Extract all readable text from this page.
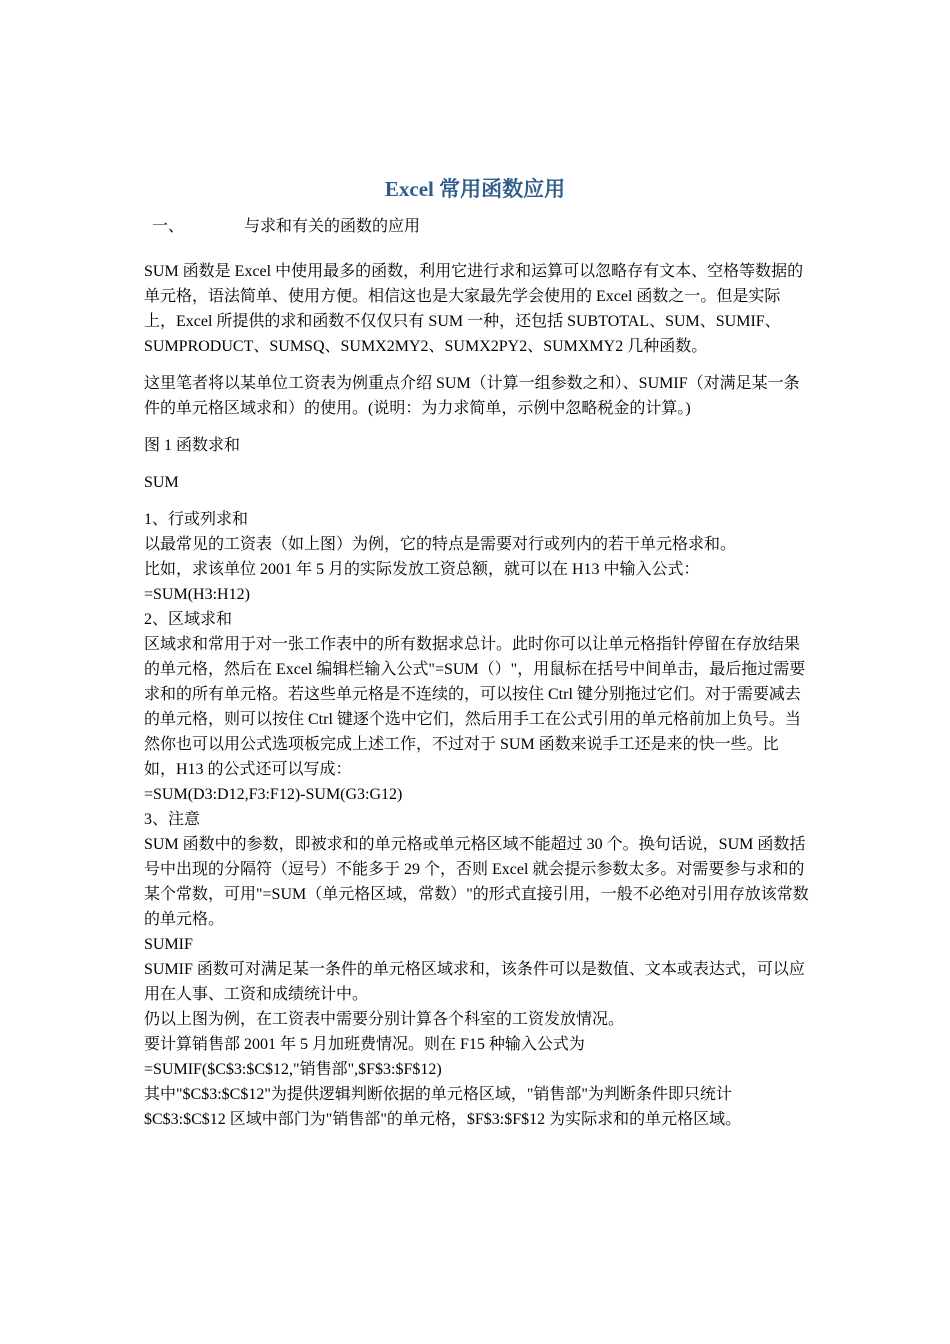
Excel 常用函数应用
一、	与求和有关的函数的应用

SUM 函数是 Excel 中使用最多的函数，利用它进行求和运算可以忽略存有文本、空格等数据的单元格，语法简单、使用方便。相信这也是大家最先学会使用的 Excel 函数之一。但是实际上，Excel 所提供的求和函数不仅仅只有 SUM 一种，还包括 SUBTOTAL、SUM、SUMIF、SUMPRODUCT、SUMSQ、SUMX2MY2、SUMX2PY2、SUMXMY2 几种函数。

这里笔者将以某单位工资表为例重点介绍 SUM（计算一组参数之和）、SUMIF（对满足某一条件的单元格区域求和）的使用。(说明：为力求简单，示例中忽略税金的计算。)

图 1 函数求和

SUM

1、行或列求和

以最常见的工资表（如上图）为例，它的特点是需要对行或列内的若干单元格求和。

比如，求该单位 2001 年 5 月的实际发放工资总额，就可以在 H13 中输入公式：

=SUM(H3:H12)

2、区域求和

区域求和常用于对一张工作表中的所有数据求总计。此时你可以让单元格指针停留在存放结果的单元格，然后在 Excel 编辑栏输入公式"=SUM（）"，用鼠标在括号中间单击，最后拖过需要求和的所有单元格。若这些单元格是不连续的，可以按住 Ctrl 键分别拖过它们。对于需要减去的单元格，则可以按住 Ctrl 键逐个选中它们，然后用手工在公式引用的单元格前加上负号。当然你也可以用公式选项板完成上述工作，不过对于 SUM 函数来说手工还是来的快一些。比如，H13 的公式还可以写成：

=SUM(D3:D12,F3:F12)-SUM(G3:G12)

3、注意

SUM 函数中的参数，即被求和的单元格或单元格区域不能超过 30 个。换句话说，SUM 函数括号中出现的分隔符（逗号）不能多于 29 个，否则 Excel 就会提示参数太多。对需要参与求和的某个常数，可用"=SUM（单元格区域，常数）"的形式直接引用，一般不必绝对引用存放该常数的单元格。

SUMIF

SUMIF 函数可对满足某一条件的单元格区域求和，该条件可以是数值、文本或表达式，可以应用在人事、工资和成绩统计中。

仍以上图为例，在工资表中需要分别计算各个科室的工资发放情况。

要计算销售部 2001 年 5 月加班费情况。则在 F15 种输入公式为

=SUMIF($C$3:$C$12,"销售部",$F$3:$F$12)

其中"$C$3:$C$12"为提供逻辑判断依据的单元格区域，"销售部"为判断条件即只统计$C$3:$C$12 区域中部门为"销售部"的单元格，$F$3:$F$12 为实际求和的单元格区域。
